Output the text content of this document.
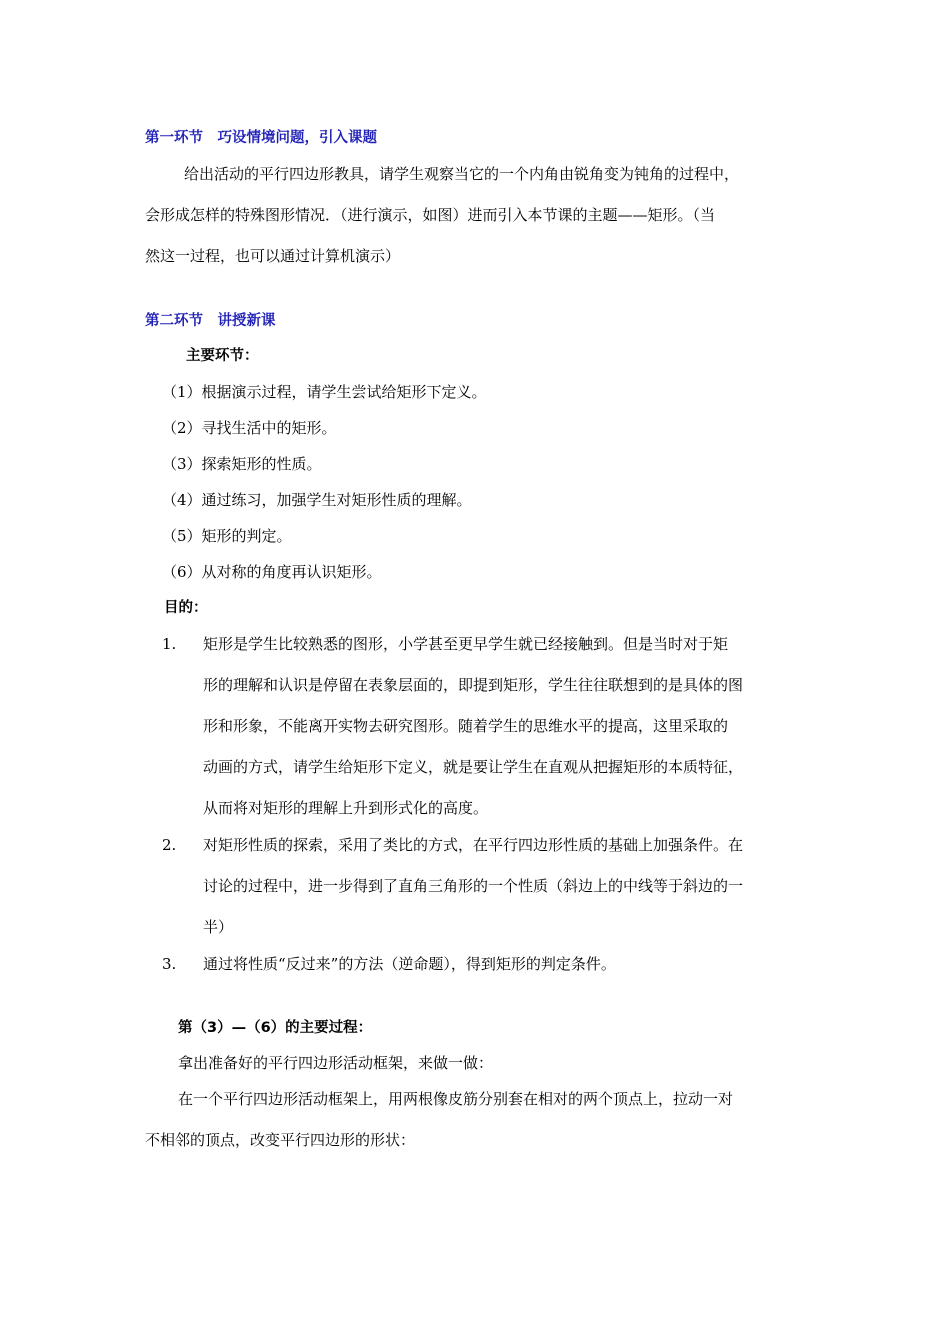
第一环节　巧设情境问题，引入课题
给出活动的平行四边形教具，请学生观察当它的一个内角由锐角变为钝角的过程中，
会形成怎样的特殊图形情况．（进行演示，如图）进而引入本节课的主题——矩形。（当
然这一过程，也可以通过计算机演示）
第二环节　讲授新课
主要环节：
（1）根据演示过程，请学生尝试给矩形下定义。
（2）寻找生活中的矩形。
（3）探索矩形的性质。
（4）通过练习，加强学生对矩形性质的理解。
（5）矩形的判定。
（6）从对称的角度再认识矩形。
目的：
1. 矩形是学生比较熟悉的图形，小学甚至更早学生就已经接触到。但是当时对于矩
形的理解和认识是停留在表象层面的，即提到矩形，学生往往联想到的是具体的图
形和形象，不能离开实物去研究图形。随着学生的思维水平的提高，这里采取的
动画的方式，请学生给矩形下定义，就是要让学生在直观从把握矩形的本质特征，
从而将对矩形的理解上升到形式化的高度。
2. 对矩形性质的探索，采用了类比的方式，在平行四边形性质的基础上加强条件。在
讨论的过程中，进一步得到了直角三角形的一个性质（斜边上的中线等于斜边的一
半）
3. 通过将性质“反过来”的方法（逆命题），得到矩形的判定条件。
第（3）—（6）的主要过程：
拿出准备好的平行四边形活动框架，来做一做：
在一个平行四边形活动框架上，用两根像皮筋分别套在相对的两个顶点上，拉动一对
不相邻的顶点，改变平行四边形的形状：
